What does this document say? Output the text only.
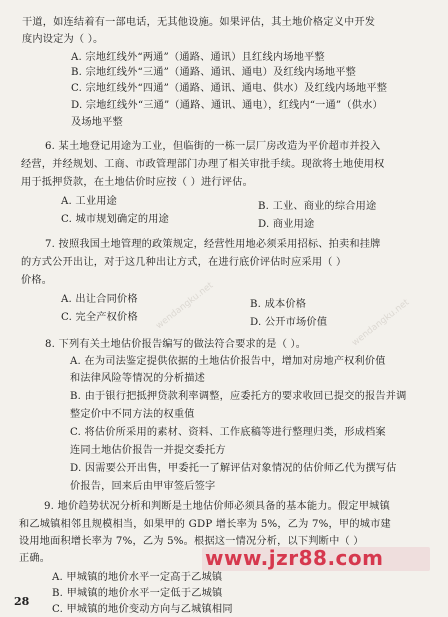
干道，如连结着有一部电话，无其他设施。如果评估，其土地价格定义中开发
度内设定为（ ）。
A. 宗地红线外“两通”（通路、通讯）且红线内场地平整
B. 宗地红线外“三通”（通路、通讯、通电）及红线内场地平整
C. 宗地红线外“四通”（通路、通讯、通电、供水）及红线内场地平整
D. 宗地红线外“三通”（通路、通讯、通电），红线内“一通”（供水）
及场地平整
6. 某土地登记用途为工业，但临街的一栋一层厂房改造为平价超市并投入
经营，并经规划、工商、市政管理部门办理了相关审批手续。现欲将土地使用权
用于抵押贷款，在土地估价时应按（ ）进行评估。
A. 工业用途	B. 工业、商业的综合用途
C. 城市规划确定的用途	D. 商业用途
7. 按照我国土地管理的政策规定，经营性用地必须采用招标、拍卖和挂牌
的方式公开出让，对于这几种出让方式，在进行底价评估时应采用（ ）
价格。
A. 出让合同价格	B. 成本价格
C. 完全产权价格	D. 公开市场价值
8. 下列有关土地估价报告编写的做法符合要求的是（ ）。
A. 在为司法鉴定提供依据的土地估价报告中，增加对房地产权利价值
和法律风险等情况的分析描述
B. 由于银行把抵押贷款利率调整，应委托方的要求收回已提交的报告并调
整定价中不同方法的权重值
C. 将估价所采用的素材、资料、工作底稿等进行整理归类，形成档案
连同土地估价报告一并提交委托方
D. 因需要公开出售，甲委托一了解评估对象情况的估价师乙代为撰写估
价报告，回来后由甲审签后签字
9. 地价趋势状况分析和判断是土地估价师必须具备的基本能力。假定甲城镇
和乙城镇相邻且规模相当，如果甲的 GDP 增长率为 5%，乙为 7%，甲的城市建
设用地面积增长率为 7%，乙为 5%。根据这一情况分析，以下判断中（ ）
正确。
A. 甲城镇的地价水平一定高于乙城镇
B. 甲城镇的地价水平一定低于乙城镇
C. 甲城镇的地价变动方向与乙城镇相同
wendangku.net	wendangku.net
www.jzr88.com
28
